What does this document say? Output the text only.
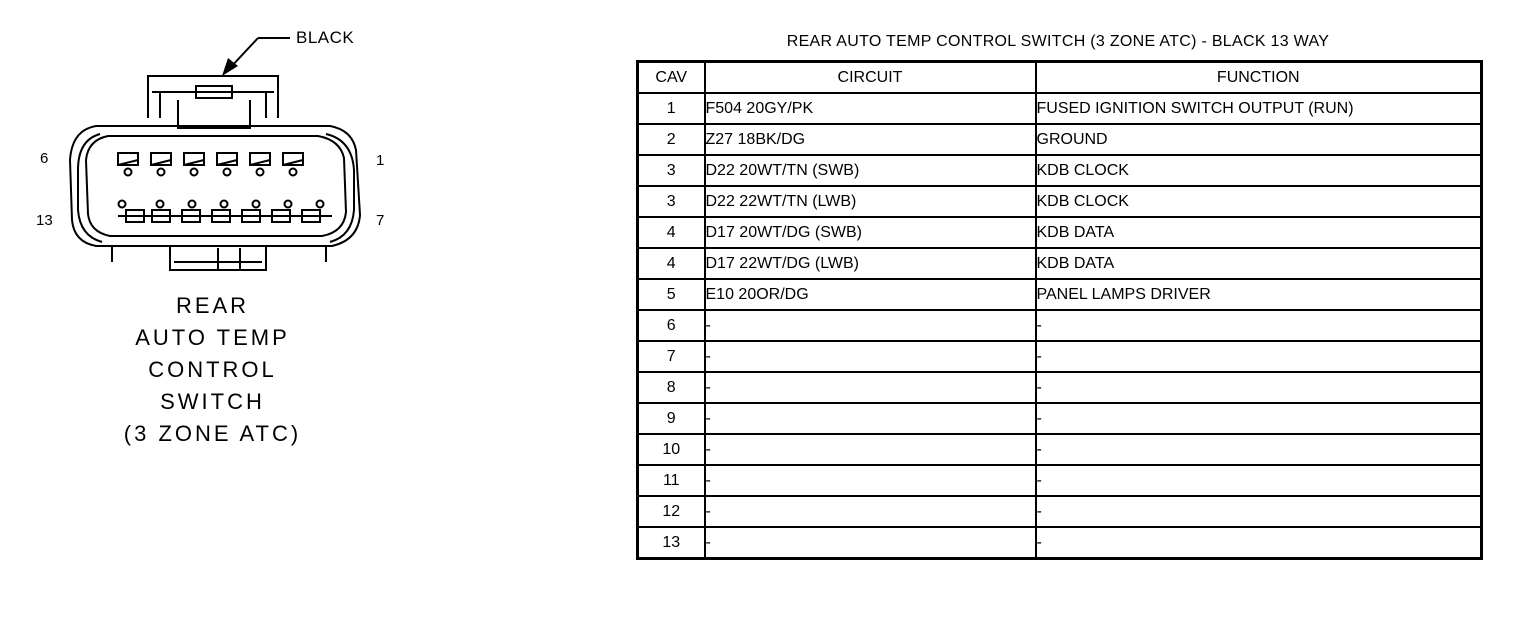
BLACK
6	1
13	7
REAR
AUTO TEMP
CONTROL
SWITCH
(3 ZONE ATC)
REAR AUTO TEMP CONTROL SWITCH (3 ZONE ATC) - BLACK 13 WAY
CAV	CIRCUIT	FUNCTION
1	F504 20GY/PK	FUSED IGNITION SWITCH OUTPUT (RUN)
2	Z27 18BK/DG	GROUND
3	D22 20WT/TN (SWB)	KDB CLOCK
3	D22 22WT/TN (LWB)	KDB CLOCK
4	D17 20WT/DG (SWB)	KDB DATA
4	D17 22WT/DG (LWB)	KDB DATA
5	E10 20OR/DG	PANEL LAMPS DRIVER
6	-	-
7	-	-
8	-	-
9	-	-
10	-	-
11	-	-
12	-	-
13	-	-
